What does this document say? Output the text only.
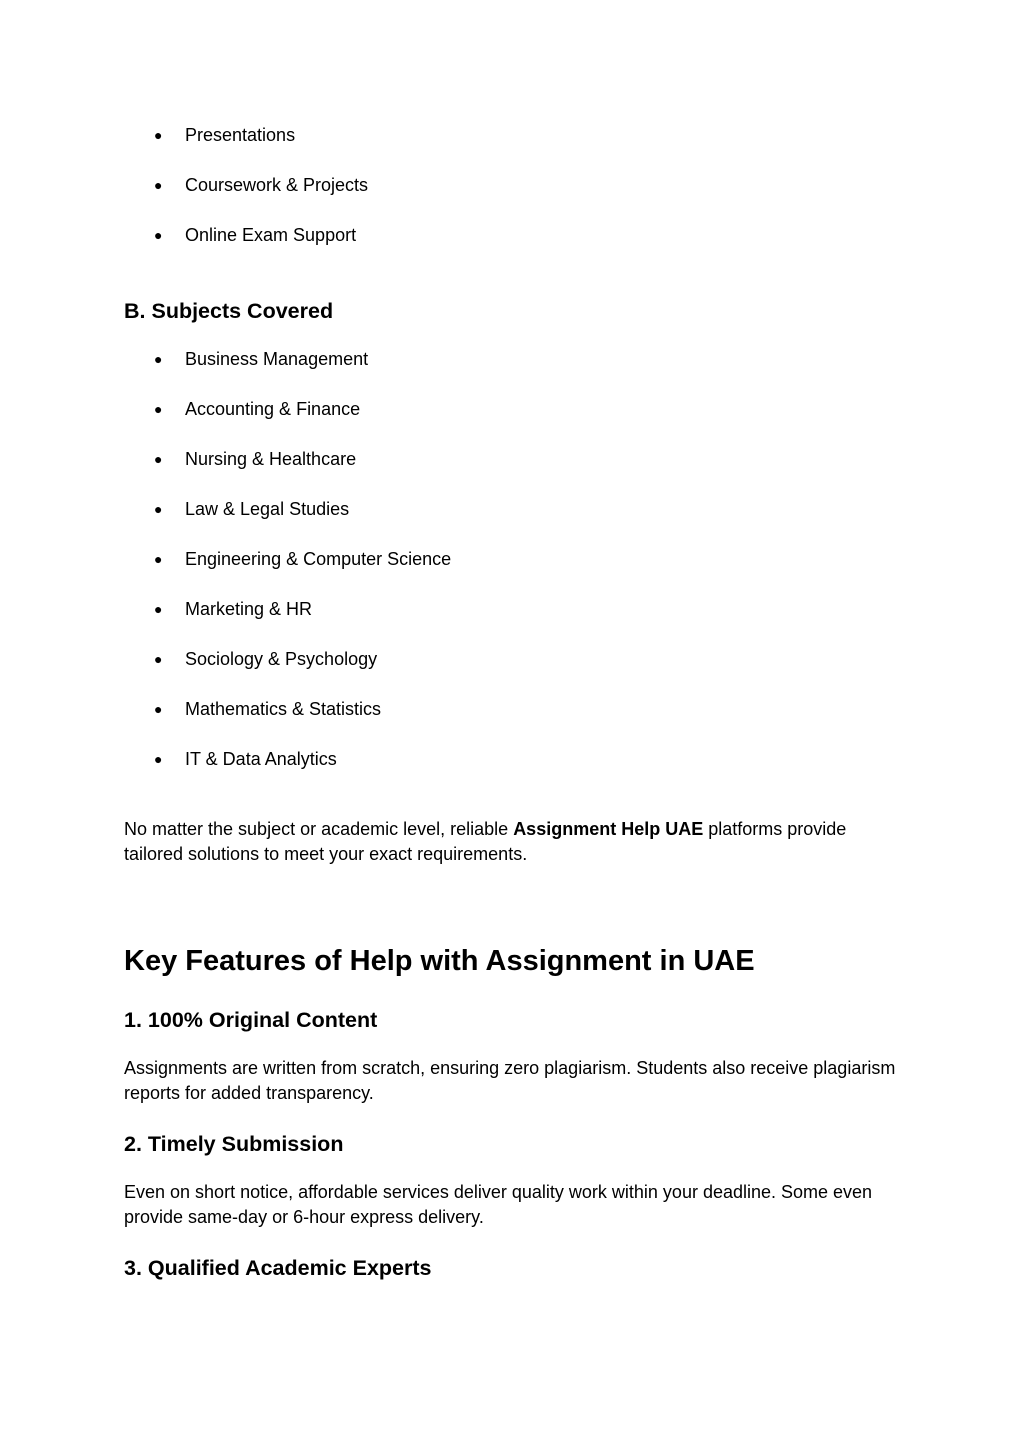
● Presentations
● Coursework & Projects
● Online Exam Support
B. Subjects Covered
● Business Management
● Accounting & Finance
● Nursing & Healthcare
● Law & Legal Studies
● Engineering & Computer Science
● Marketing & HR
● Sociology & Psychology
● Mathematics & Statistics
● IT & Data Analytics

No matter the subject or academic level, reliable Assignment Help UAE platforms provide tailored solutions to meet your exact requirements.

Key Features of Help with Assignment in UAE
1. 100% Original Content

Assignments are written from scratch, ensuring zero plagiarism. Students also receive plagiarism reports for added transparency.

2. Timely Submission

Even on short notice, affordable services deliver quality work within your deadline. Some even provide same-day or 6-hour express delivery.

3. Qualified Academic Experts
